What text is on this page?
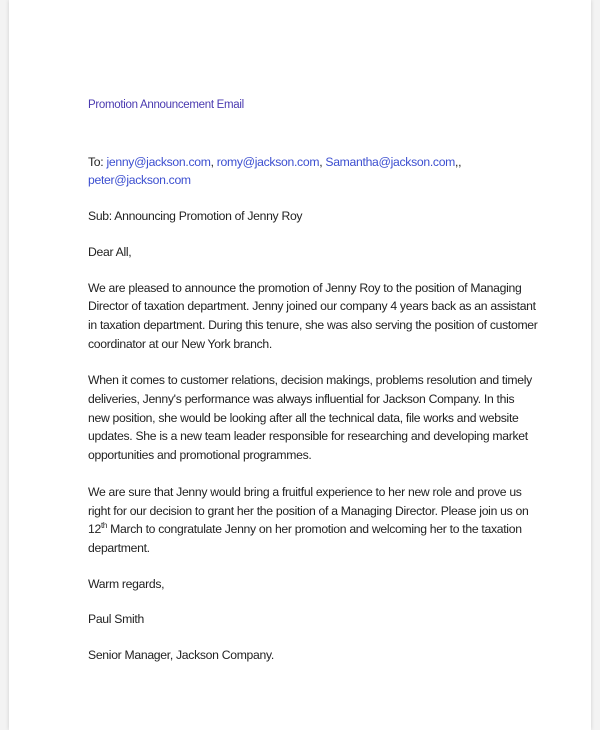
Promotion Announcement Email

To: jenny@jackson.com, romy@jackson.com, Samantha@jackson.com,, peter@jackson.com

Sub: Announcing Promotion of Jenny Roy

Dear All,

We are pleased to announce the promotion of Jenny Roy to the position of Managing Director of taxation department. Jenny joined our company 4 years back as an assistant in taxation department. During this tenure, she was also serving the position of customer coordinator at our New York branch.

When it comes to customer relations, decision makings, problems resolution and timely deliveries, Jenny's performance was always influential for Jackson Company. In this new position, she would be looking after all the technical data, file works and website updates. She is a new team leader responsible for researching and developing market opportunities and promotional programmes.

We are sure that Jenny would bring a fruitful experience to her new role and prove us right for our decision to grant her the position of a Managing Director. Please join us on 12th March to congratulate Jenny on her promotion and welcoming her to the taxation department.

Warm regards,

Paul Smith

Senior Manager, Jackson Company.
